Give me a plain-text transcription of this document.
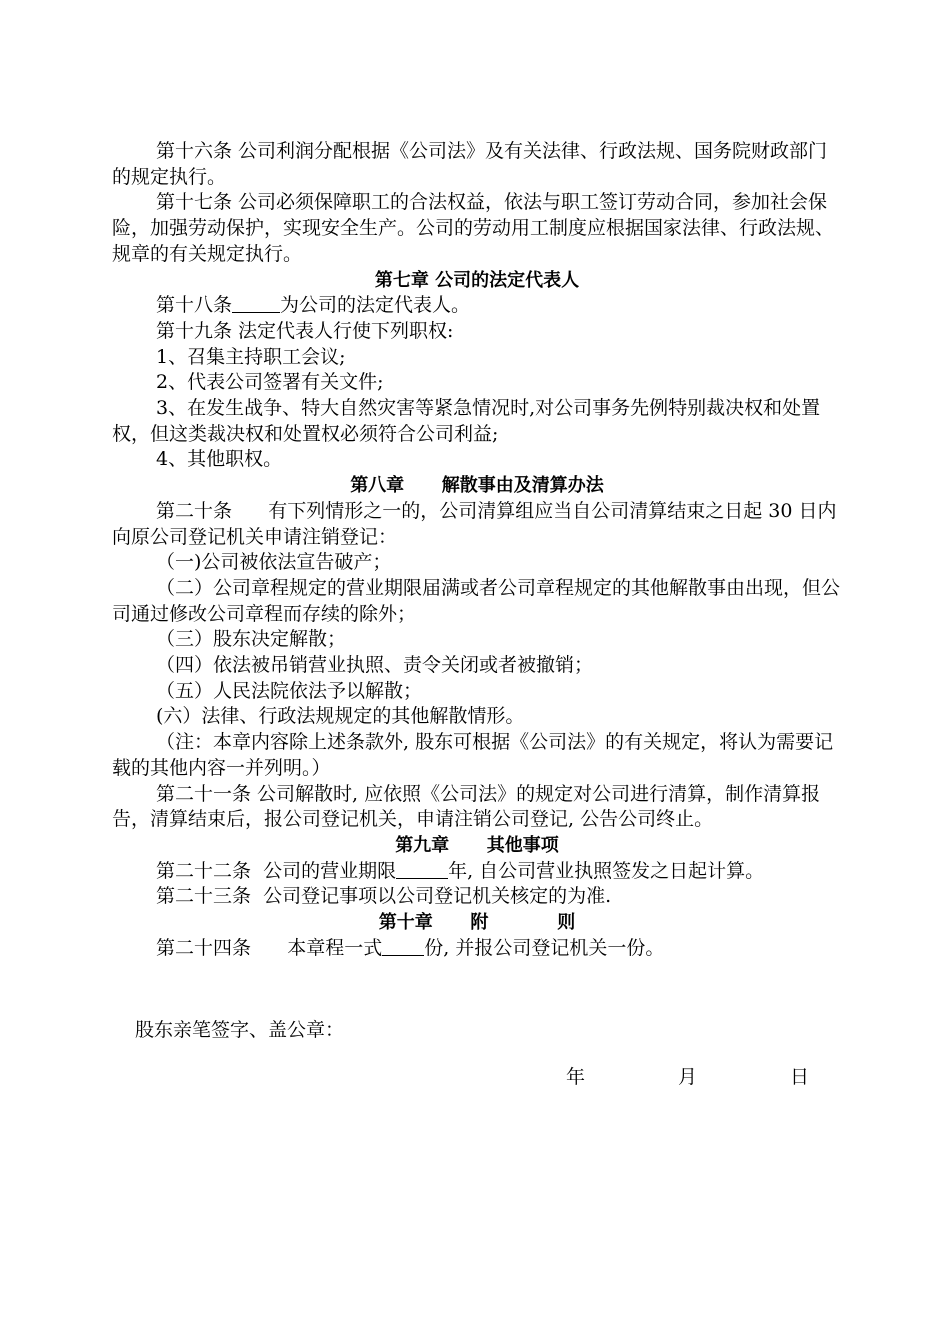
第十六条 公司利润分配根据《公司法》及有关法律、行政法规、国务院财政部门的规定执行。

第十七条 公司必须保障职工的合法权益，依法与职工签订劳动合同，参加社会保险，加强劳动保护，实现安全生产。公司的劳动用工制度应根据国家法律、行政法规、规章的有关规定执行。

第七章 公司的法定代表人

第十八条	为公司的法定代表人。

第十九条 法定代表人行使下列职权:

1、召集主持职工会议;

2、代表公司签署有关文件;

3、在发生战争、特大自然灾害等紧急情况时,对公司事务先例特别裁决权和处置权，但这类裁决权和处置权必须符合公司利益;

4、其他职权。

第八章      解散事由及清算办法

第二十条      有下列情形之一的，公司清算组应当自公司清算结束之日起 30 日内向原公司登记机关申请注销登记：

（一)公司被依法宣告破产；

（二）公司章程规定的营业期限届满或者公司章程规定的其他解散事由出现，但公司通过修改公司章程而存续的除外；

（三）股东决定解散；

（四）依法被吊销营业执照、责令关闭或者被撤销；

（五）人民法院依法予以解散；

(六）法律、行政法规规定的其他解散情形。

（注：本章内容除上述条款外, 股东可根据《公司法》的有关规定，将认为需要记载的其他内容一并列明。）

第二十一条 公司解散时, 应依照《公司法》的规定对公司进行清算，制作清算报告，清算结束后，报公司登记机关，申请注销公司登记, 公告公司终止。

第九章      其他事项

第二十二条  公司的营业期限	年, 自公司营业执照签发之日起计算。

第二十三条  公司登记事项以公司登记机关核定的为准.

第十章      附           则

第二十四条      本章程一式 份, 并报公司登记机关一份。

股东亲笔签字、盖公章：
年	月	日
